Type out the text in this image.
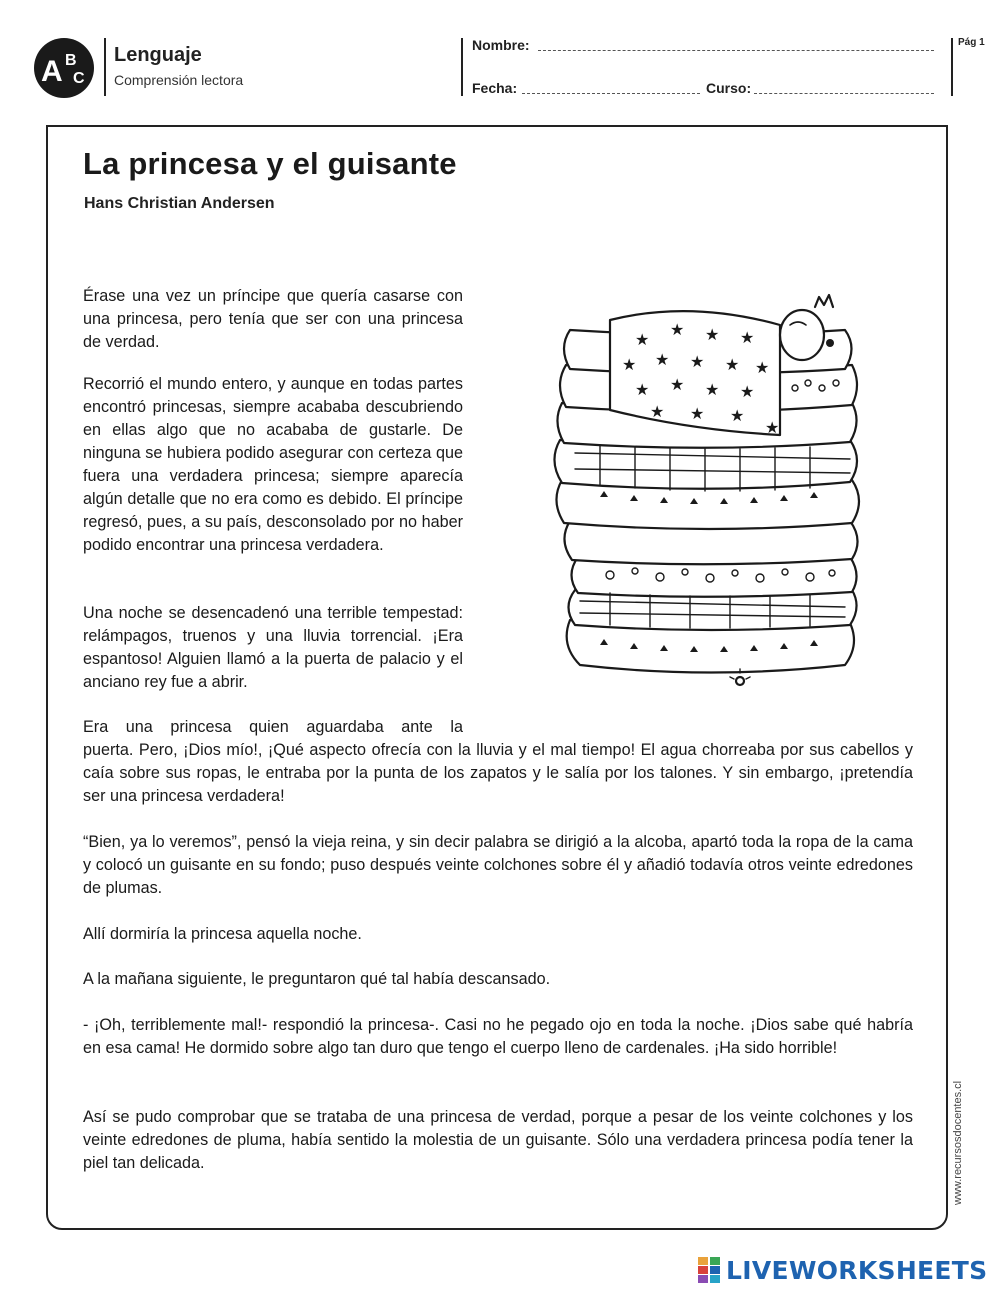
A B
C
Lenguaje
Comprensión lectora
Nombre:
Fecha:	Curso:
Pág 1
La princesa y el guisante
Hans Christian Andersen

Érase una vez un príncipe que quería casarse con una princesa, pero tenía que ser con una princesa de verdad.

Recorrió el mundo entero, y aunque en todas partes encontró princesas, siempre acababa descubriendo en ellas algo que no acababa de gustarle. De ninguna se hubiera podido asegurar con certeza que fuera una verdadera princesa; siempre aparecía algún detalle que no era como es debido. El príncipe regresó, pues, a su país, desconsolado por no haber podido encontrar una princesa verdadera.

Una noche se desencadenó una terrible tempestad: relámpagos, truenos y una lluvia torrencial. ¡Era espantoso! Alguien llamó a la puerta de palacio y el anciano rey fue a abrir.

Era una princesa quien aguardaba ante la
puerta. Pero, ¡Dios mío!, ¡Qué aspecto ofrecía con la lluvia y el mal tiempo! El agua chorreaba por sus cabellos y caía sobre sus ropas, le entraba por la punta de los zapatos y le salía por los talones. Y sin embargo, ¡pretendía ser una princesa verdadera!

“Bien, ya lo veremos”, pensó la vieja reina, y sin decir palabra se dirigió a la alcoba, apartó toda la ropa de la cama y colocó un guisante en su fondo; puso después veinte colchones sobre él y añadió todavía otros veinte edredones de plumas.

Allí dormiría la princesa aquella noche.

A la mañana siguiente, le preguntaron qué tal había descansado.

- ¡Oh, terriblemente mal!- respondió la princesa-. Casi no he pegado ojo en toda la noche. ¡Dios sabe qué habría en esa cama! He dormido sobre algo tan duro que tengo el cuerpo lleno de cardenales. ¡Ha sido horrible!

Así se pudo comprobar que se trataba de una princesa de verdad, porque a pesar de los veinte colchones y los veinte edredones de pluma, había sentido la molestia de un guisante. Sólo una verdadera princesa podía tener la piel tan delicada.

★
★ ★ ★
★ ★ ★ ★ ★
★ ★ ★ ★
★ ★ ★
★
www.recursosdocentes.cl
LIVEWORKSHEETS
